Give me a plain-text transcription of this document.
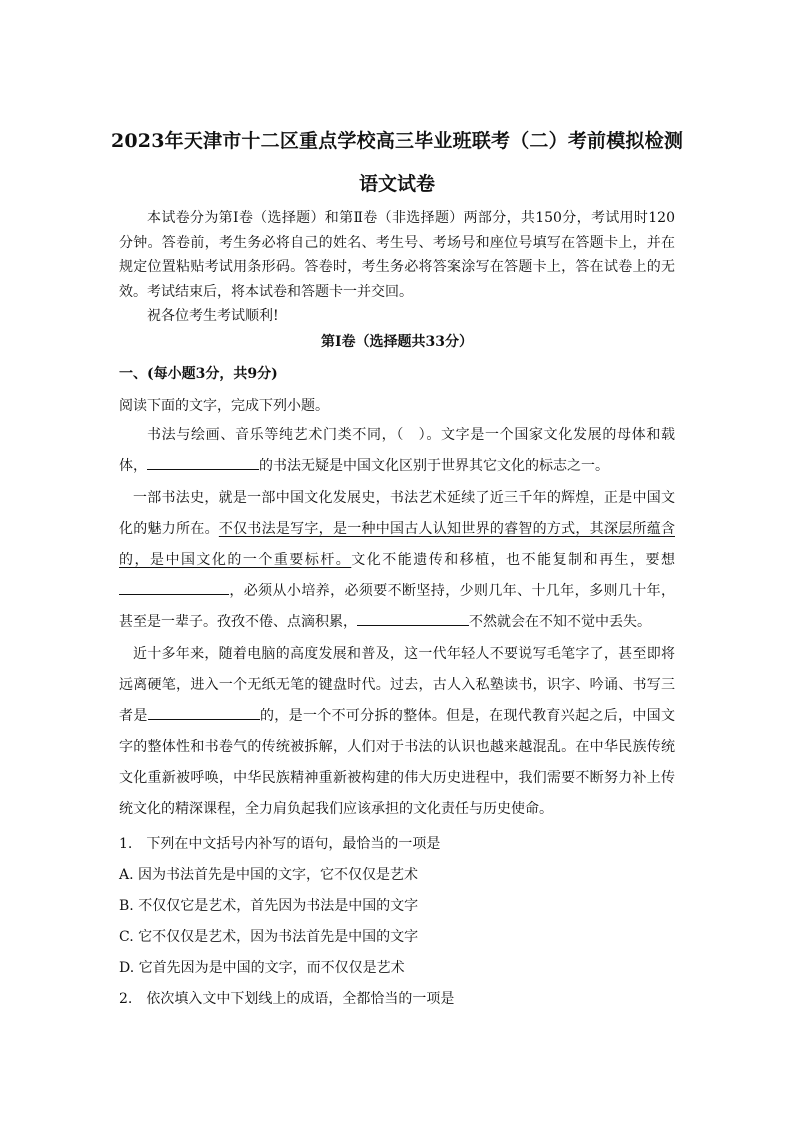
2023年天津市十二区重点学校高三毕业班联考（二）考前模拟检测
语文试卷
本试卷分为第Ⅰ卷（选择题）和第Ⅱ卷（非选择题）两部分，共150分，考试用时120分钟。答卷前，考生务必将自己的姓名、考生号、考场号和座位号填写在答题卡上，并在规定位置粘贴考试用条形码。答卷时，考生务必将答案涂写在答题卡上，答在试卷上的无效。考试结束后，将本试卷和答题卡一并交回。
祝各位考生考试顺利!
第Ⅰ卷（选择题共33分）
一、(每小题3分，共9分)
阅读下面的文字，完成下列小题。
书法与绘画、音乐等纯艺术门类不同，（　）。文字是一个国家文化发展的母体和载体，	的书法无疑是中国文化区别于世界其它文化的标志之一。
一部书法史，就是一部中国文化发展史，书法艺术延续了近三千年的辉煌，正是中国文化的魅力所在。不仅书法是写字，是一种中国古人认知世界的睿智的方式，其深层所蕴含的，是中国文化的一个重要标杆。文化不能遗传和移植，也不能复制和再生，要想，必须从小培养，必须要不断坚持，少则几年、十几年，多则几十年，甚至是一辈子。孜孜不倦、点滴积累，	不然就会在不知不觉中丢失。
近十多年来，随着电脑的高度发展和普及，这一代年轻人不要说写毛笔字了，甚至即将远离硬笔，进入一个无纸无笔的键盘时代。过去，古人入私塾读书，识字、吟诵、书写三者是	的，是一个不可分拆的整体。但是，在现代教育兴起之后，中国文字的整体性和书卷气的传统被拆解，人们对于书法的认识也越来越混乱。在中华民族传统文化重新被呼唤，中华民族精神重新被构建的伟大历史进程中，我们需要不断努力补上传统文化的精深课程，全力肩负起我们应该承担的文化责任与历史使命。
1.　下列在中文括号内补写的语句，最恰当的一项是
A. 因为书法首先是中国的文字，它不仅仅是艺术
B. 不仅仅它是艺术，首先因为书法是中国的文字
C. 它不仅仅是艺术，因为书法首先是中国的文字
D. 它首先因为是中国的文字，而不仅仅是艺术
2.　依次填入文中下划线上的成语，全都恰当的一项是
